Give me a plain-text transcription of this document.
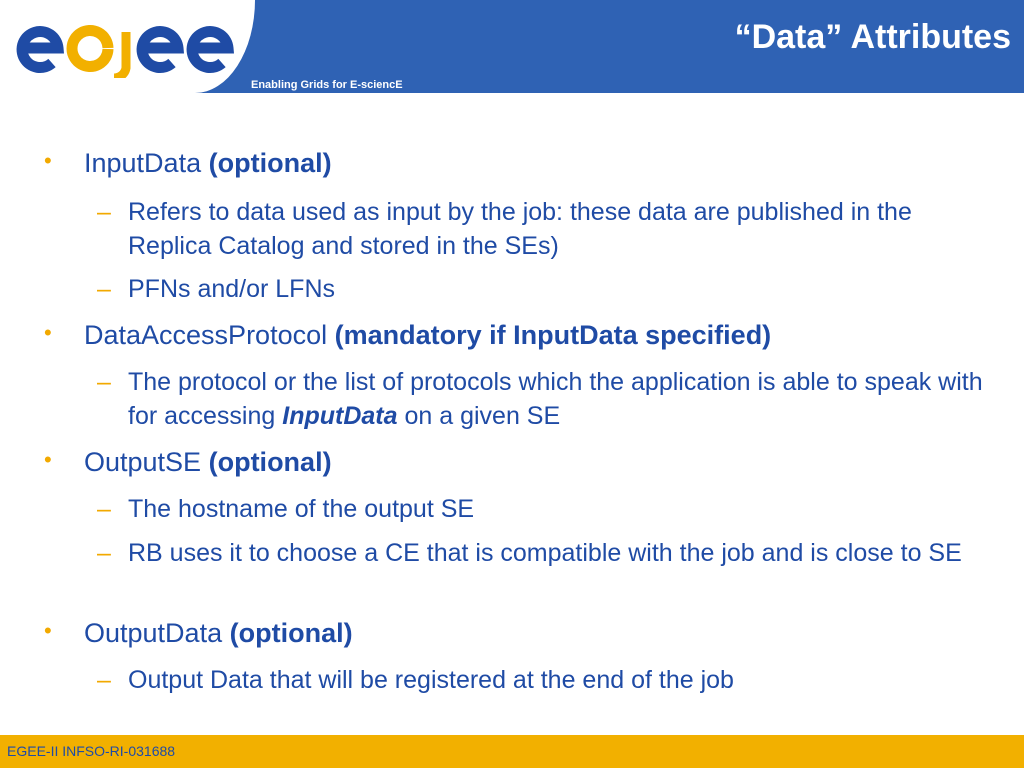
Enabling Grids for E-sciencE
“Data” Attributes
• InputData (optional)
– Refers to data used as input by the job: these data are published in the Replica Catalog and stored in the SEs)
– PFNs and/or LFNs
• DataAccessProtocol (mandatory if InputData specified)
– The protocol or the list of protocols which the application is able to speak with for accessing InputData on a given SE
• OutputSE (optional)
– The hostname of the output SE
– RB uses it to choose a CE that is compatible with the job and is close to SE
• OutputData (optional)
– Output Data that will be registered at the end of the job
EGEE-II INFSO-RI-031688
